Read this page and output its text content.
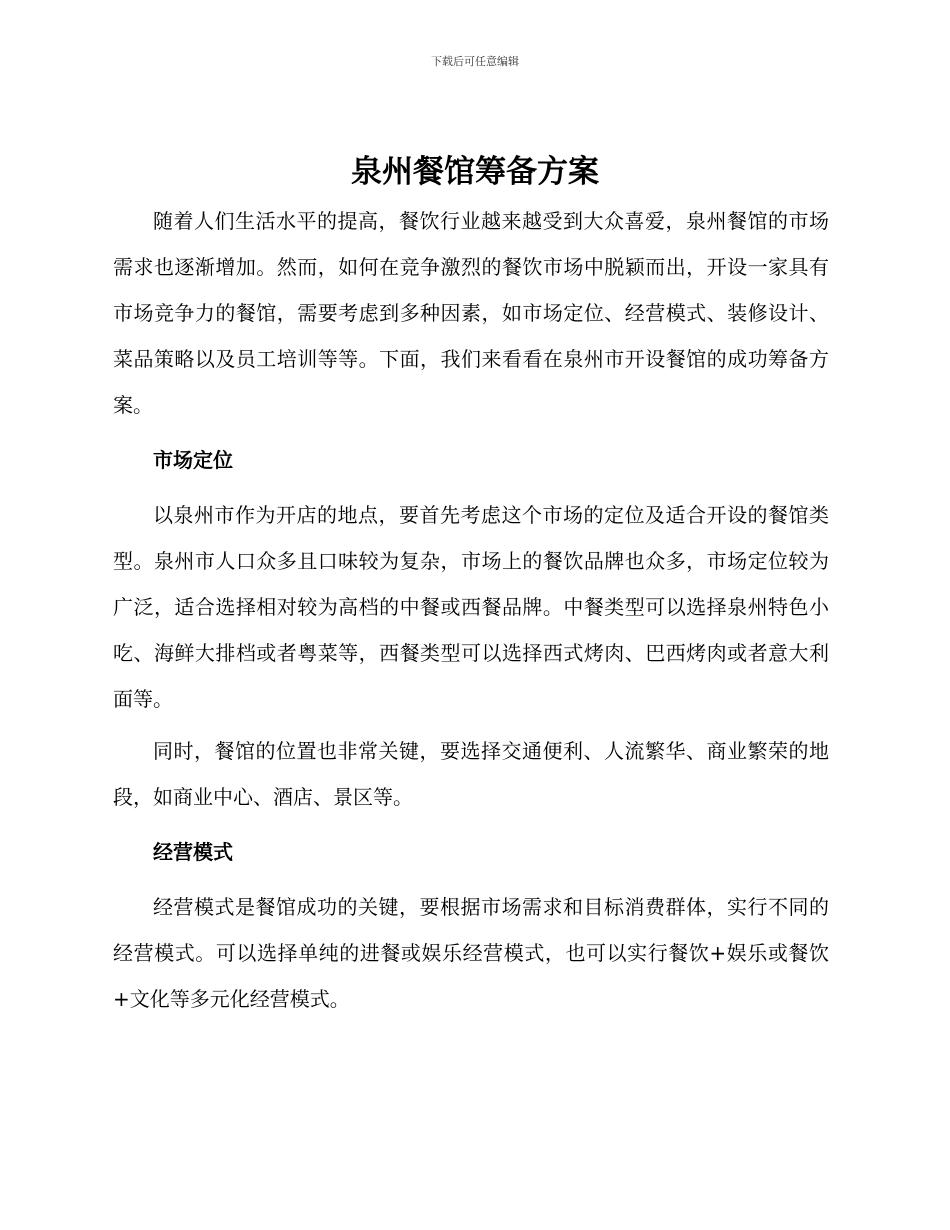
下载后可任意编辑
泉州餐馆筹备方案

随着人们生活水平的提高，餐饮行业越来越受到大众喜爱，泉州餐馆的市场需求也逐渐增加。然而，如何在竞争激烈的餐饮市场中脱颖而出，开设一家具有市场竞争力的餐馆，需要考虑到多种因素，如市场定位、经营模式、装修设计、菜品策略以及员工培训等等。下面，我们来看看在泉州市开设餐馆的成功筹备方案。

市场定位

以泉州市作为开店的地点，要首先考虑这个市场的定位及适合开设的餐馆类型。泉州市人口众多且口味较为复杂，市场上的餐饮品牌也众多，市场定位较为广泛，适合选择相对较为高档的中餐或西餐品牌。中餐类型可以选择泉州特色小吃、海鲜大排档或者粤菜等，西餐类型可以选择西式烤肉、巴西烤肉或者意大利面等。

同时，餐馆的位置也非常关键，要选择交通便利、人流繁华、商业繁荣的地段，如商业中心、酒店、景区等。

经营模式

经营模式是餐馆成功的关键，要根据市场需求和目标消费群体，实行不同的经营模式。可以选择单纯的进餐或娱乐经营模式，也可以实行餐饮+娱乐或餐饮+文化等多元化经营模式。
